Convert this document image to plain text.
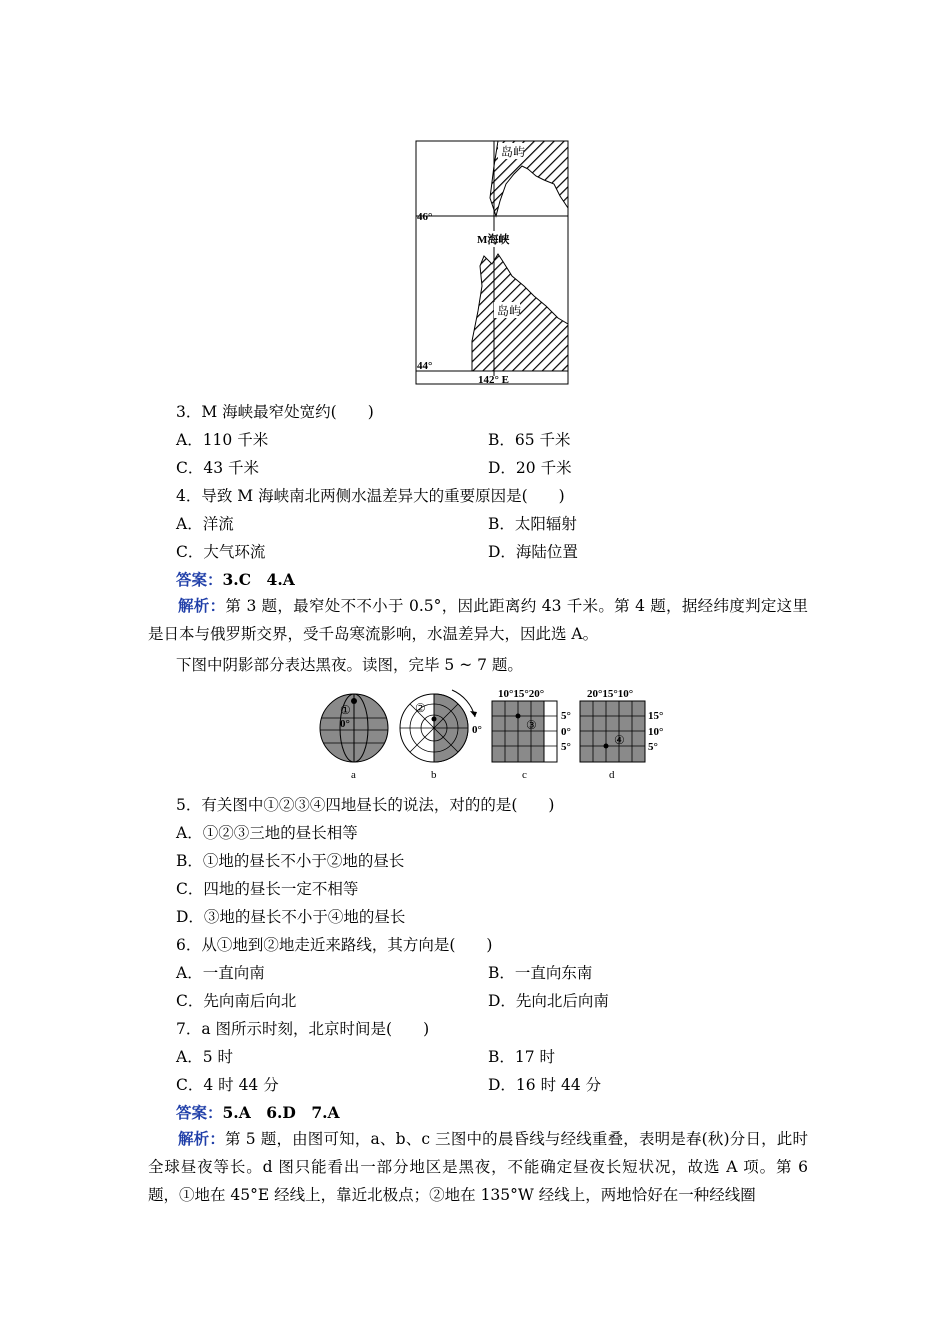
岛屿
岛屿
M海峡
46°
44°
142° E
3．M 海峡最窄处宽约(　　)
A．110 千米	B．65 千米
C．43 千米	D．20 千米
4．导致 M 海峡南北两侧水温差异大的重要原因是(　　)
A．洋流	B．太阳辐射
C．大气环流	D．海陆位置
答案：3.C　4.A
解析：第 3 题，最窄处不不小于 0.5°，因此距离约 43 千米。第 4 题，据经纬度判定这里是日本与俄罗斯交界，受千岛寒流影响，水温差异大，因此选 A。
下图中阴影部分表达黑夜。读图，完毕 5 ~ 7 题。
①
0°
a
②
0°
b
10°15°20°
③
5°
0°
5°
c
20°15°10°
④
15°
10°
5°
d
5．有关图中①②③④四地昼长的说法，对的的是(　　)
A．①②③三地的昼长相等
B．①地的昼长不小于②地的昼长
C．四地的昼长一定不相等
D．③地的昼长不小于④地的昼长
6．从①地到②地走近来路线，其方向是(　　)
A．一直向南	B．一直向东南
C．先向南后向北	D．先向北后向南
7．a 图所示时刻，北京时间是(　　)
A．5 时	B．17 时
C．4 时 44 分	D．16 时 44 分
答案：5.A　6.D　7.A
解析：第 5 题，由图可知，a、b、c 三图中的晨昏线与经线重叠，表明是春(秋)分日，此时全球昼夜等长。d 图只能看出一部分地区是黑夜，不能确定昼夜长短状况，故选 A 项。第 6 题，①地在 45°E 经线上，靠近北极点；②地在 135°W 经线上，两地恰好在一种经线圈
